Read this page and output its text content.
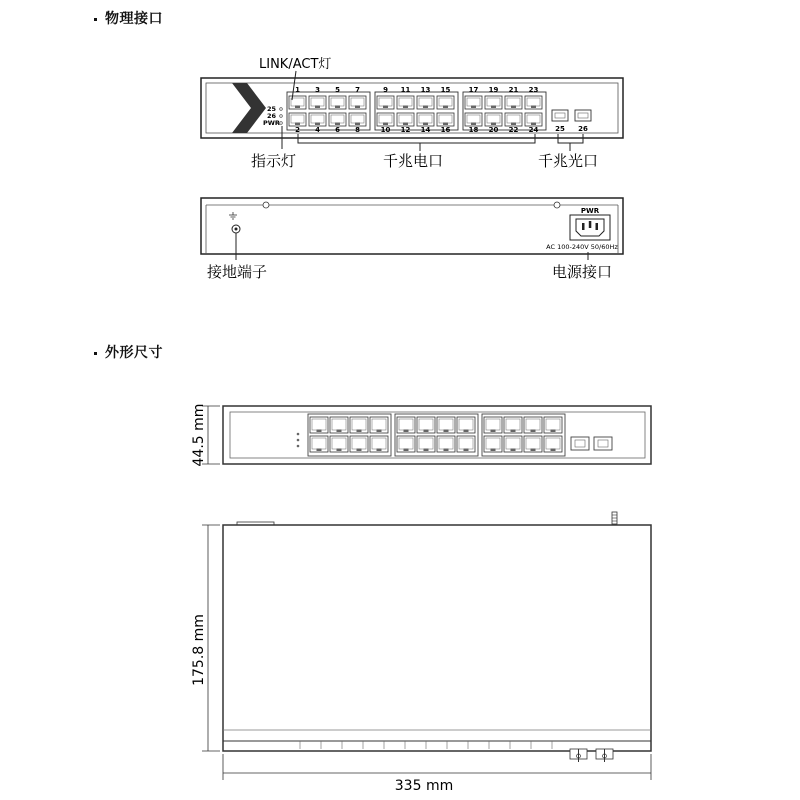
物理接口
外形尺寸
25
26
PWR
1
2
3
4
5
6
7
8
9
10
11
12
13
14
15
16
17
18
19
20
21
22
23
24 25 26
LINK/ACT灯
指示灯	千兆电口	千兆光口
PWR
AC 100-240V 50/60Hz
接地端子	电源接口
44.5 mm
175.8 mm
335 mm
